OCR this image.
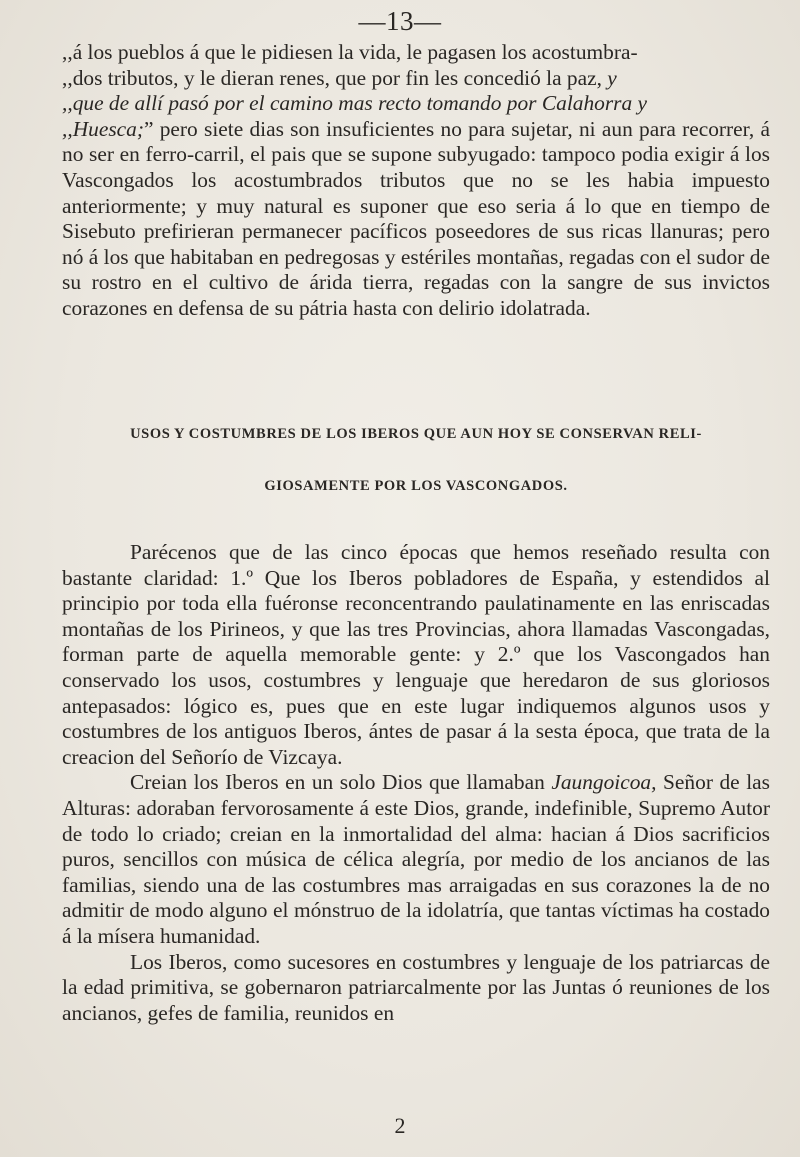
—13—

,,á los pueblos á que le pidiesen la vida, le pagasen los acostumbra-
,,dos tributos, y le dieran renes, que por fin les concedió la paz, y
,,que de allí pasó por el camino mas recto tomando por Calahorra y
,,Huesca;” pero siete dias son insuficientes no para sujetar, ni aun para recorrer, á no ser en ferro-carril, el pais que se supone subyugado: tampoco podia exigir á los Vascongados los acostumbrados tributos que no se les habia impuesto anteriormente; y muy natural es suponer que eso seria á lo que en tiempo de Sisebuto prefirieran permanecer pacíficos poseedores de sus ricas llanuras; pero nó á los que habitaban en pedregosas y estériles montañas, regadas con el sudor de su rostro en el cultivo de árida tierra, regadas con la sangre de sus invictos corazones en defensa de su pátria hasta con delirio idolatrada.

USOS Y COSTUMBRES DE LOS IBEROS QUE AUN HOY SE CONSERVAN RELI-
GIOSAMENTE POR LOS VASCONGADOS.

Parécenos que de las cinco épocas que hemos reseñado resulta con bastante claridad: 1.º Que los Iberos pobladores de España, y estendidos al principio por toda ella fuéronse reconcentrando paulatinamente en las enriscadas montañas de los Pirineos, y que las tres Provincias, ahora llamadas Vascongadas, forman parte de aquella memorable gente: y 2.º que los Vascongados han conservado los usos, costumbres y lenguaje que heredaron de sus gloriosos antepasados: lógico es, pues que en este lugar indiquemos algunos usos y costumbres de los antiguos Iberos, ántes de pasar á la sesta época, que trata de la creacion del Señorío de Vizcaya.

Creian los Iberos en un solo Dios que llamaban Jaungoicoa, Señor de las Alturas: adoraban fervorosamente á este Dios, grande, indefinible, Supremo Autor de todo lo criado; creian en la inmortalidad del alma: hacian á Dios sacrificios puros, sencillos con música de célica alegría, por medio de los ancianos de las familias, siendo una de las costumbres mas arraigadas en sus corazones la de no admitir de modo alguno el mónstruo de la idolatría, que tantas víctimas ha costado á la mísera humanidad.

Los Iberos, como sucesores en costumbres y lenguaje de los patriarcas de la edad primitiva, se gobernaron patriarcalmente por las Juntas ó reuniones de los ancianos, gefes de familia, reunidos en

2
